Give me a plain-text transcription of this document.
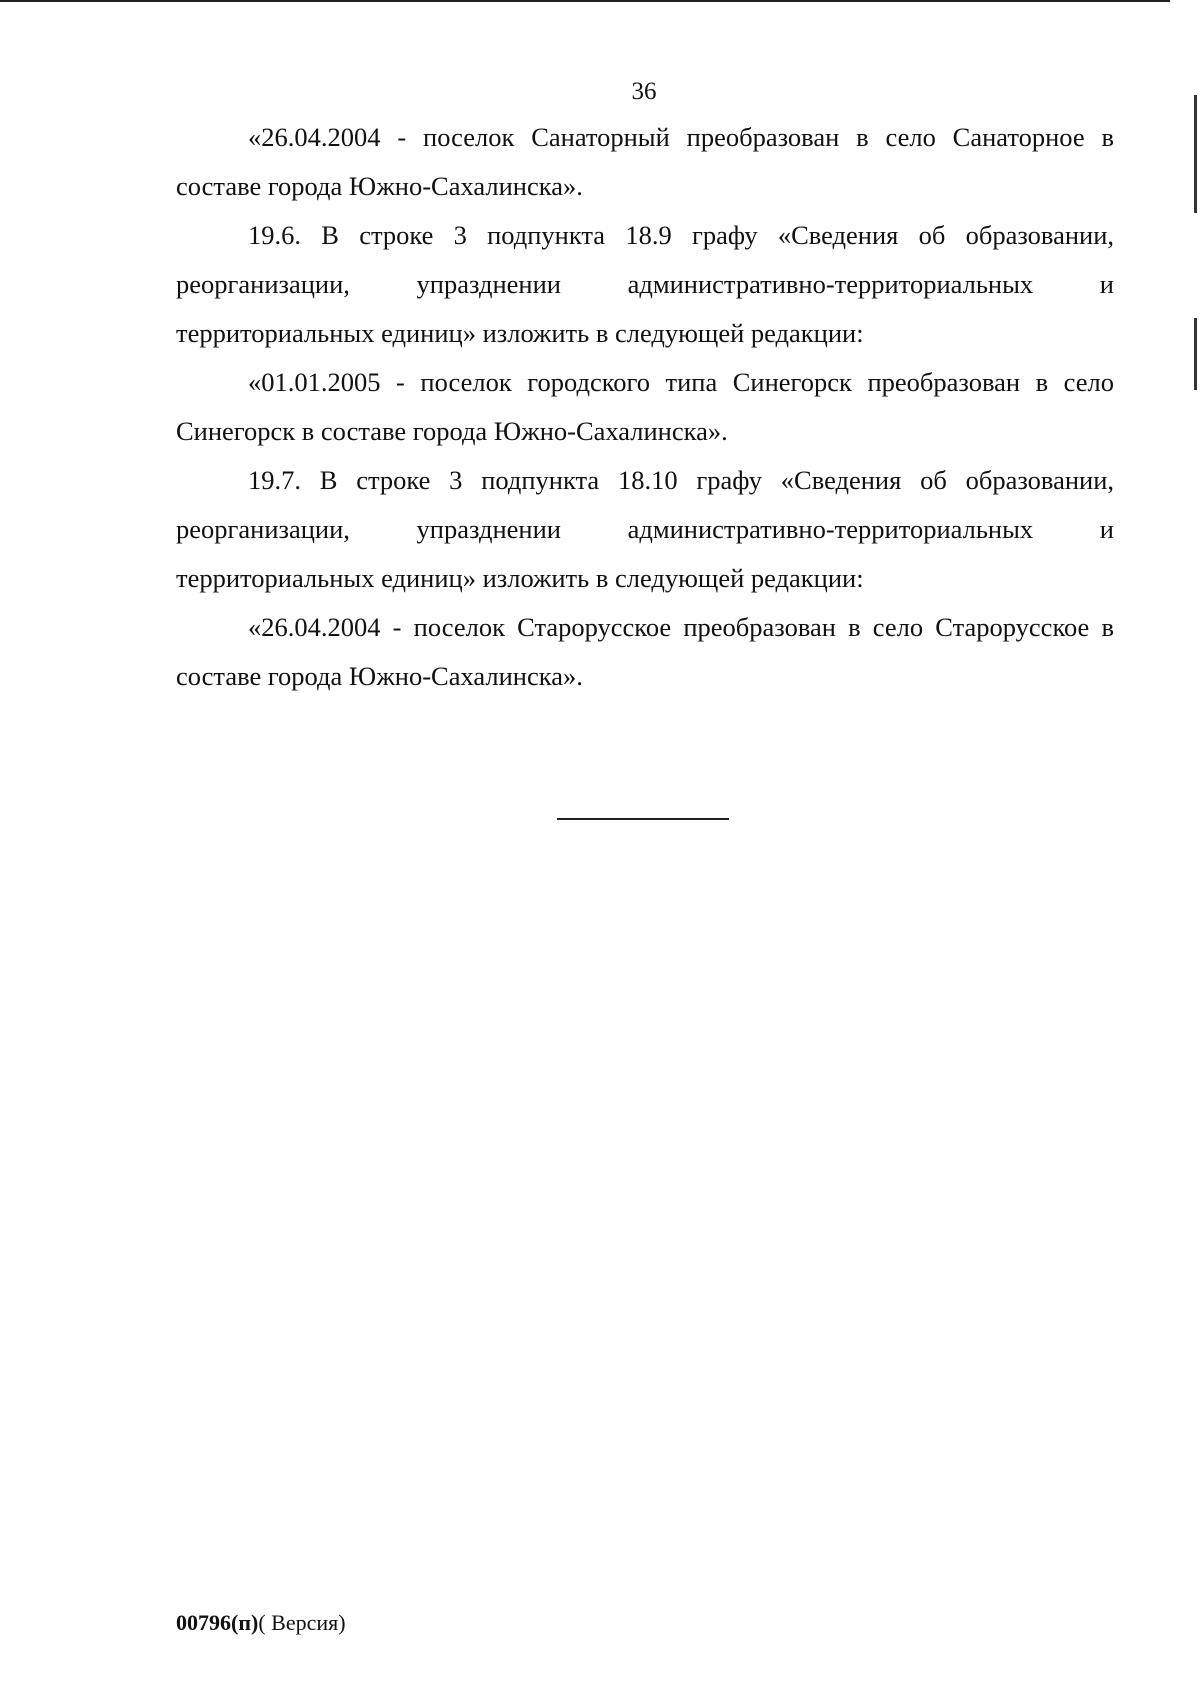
36

«26.04.2004 - поселок Санаторный преобразован в село Санаторное в составе города Южно-Сахалинска».

19.6. В строке 3 подпункта 18.9 графу «Сведения об образовании, реорганизации, упразднении административно-территориальных и территориальных единиц» изложить в следующей редакции:

«01.01.2005 - поселок городского типа Синегорск преобразован в село Синегорск в составе города Южно-Сахалинска».

19.7. В строке 3 подпункта 18.10 графу «Сведения об образовании, реорганизации, упразднении административно-территориальных и территориальных единиц» изложить в следующей редакции:

«26.04.2004 - поселок Старорусское преобразован в село Старорусское в составе города Южно-Сахалинска».

00796(п)( Версия)
